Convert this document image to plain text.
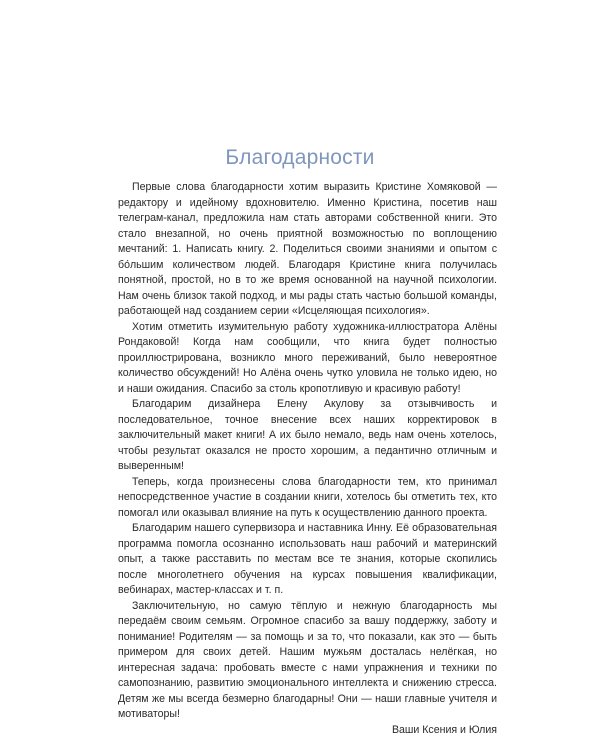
Благодарности

Первые слова благодарности хотим выразить Кристине Хомяковой — редактору и идейному вдохновителю. Именно Кристина, посетив наш телеграм-канал, предложила нам стать авторами собственной книги. Это стало внезапной, но очень приятной возможностью по воплощению мечтаний: 1. Написать книгу. 2. Поделиться своими знаниями и опытом с бо́льшим количеством людей. Благодаря Кристине книга получилась понятной, простой, но в то же время основанной на научной психологии. Нам очень близок такой подход, и мы рады стать частью большой команды, работающей над созданием серии «Исцеляющая психология».

Хотим отметить изумительную работу художника-иллюстратора Алёны Рондаковой! Когда нам сообщили, что книга будет полностью проиллюстрирована, возникло много переживаний, было невероятное количество обсуждений! Но Алёна очень чутко уловила не только идею, но и наши ожидания. Спасибо за столь кропотливую и красивую работу!

Благодарим дизайнера Елену Акулову за отзывчивость и последовательное, точное внесение всех наших корректировок в заключительный макет книги! А их было немало, ведь нам очень хотелось, чтобы результат оказался не просто хорошим, а педантично отличным и выверенным!

Теперь, когда произнесены слова благодарности тем, кто принимал непосредственное участие в создании книги, хотелось бы отметить тех, кто помогал или оказывал влияние на путь к осуществлению данного проекта.

Благодарим нашего супервизора и наставника Инну. Её образовательная программа помогла осознанно использовать наш рабочий и материнский опыт, а также расставить по местам все те знания, которые скопились после многолетнего обучения на курсах повышения квалификации, вебинарах, мастер-классах и т. п.

Заключительную, но самую тёплую и нежную благодарность мы передаём своим семьям. Огромное спасибо за вашу поддержку, заботу и понимание! Родителям — за помощь и за то, что показали, как это — быть примером для своих детей. Нашим мужьям досталась нелёгкая, но интересная задача: пробовать вместе с нами упражнения и техники по самопознанию, развитию эмоционального интеллекта и снижению стресса. Детям же мы всегда безмерно благодарны! Они — наши главные учителя и мотиваторы!

Ваши Ксения и Юлия
